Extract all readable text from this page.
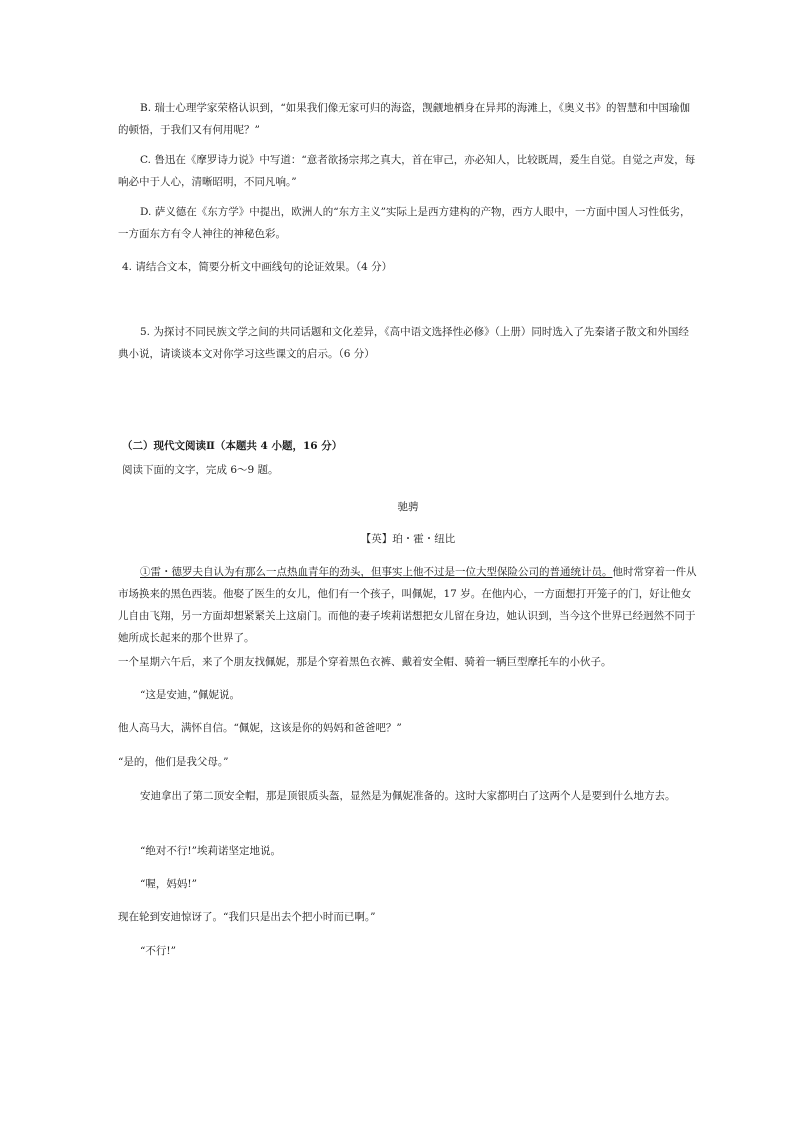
B. 瑞士心理学家荣格认识到，“如果我们像无家可归的海盗，觊觎地栖身在异邦的海滩上，《奥义书》的智慧和中国瑜伽的顿悟，于我们又有何用呢？”

C. 鲁迅在《摩罗诗力说》中写道：“意者欲扬宗邦之真大，首在审己，亦必知人，比较既周，爰生自觉。自觉之声发，每响必中于人心，清晰昭明，不同凡响。”

D. 萨义德在《东方学》中提出，欧洲人的“东方主义”实际上是西方建构的产物，西方人眼中，一方面中国人习性低劣，一方面东方有令人神往的神秘色彩。

4. 请结合文本，简要分析文中画线句的论证效果。（4 分）

5. 为探讨不同民族文学之间的共同话题和文化差异，《高中语文选择性必修》（上册）同时选入了先秦诸子散文和外国经典小说，请谈谈本文对你学习这些课文的启示。（6 分）

（二）现代文阅读Ⅱ（本题共 4 小题，16 分）

阅读下面的文字，完成 6～9 题。

驰骋

【英】珀・霍・纽比

①雷・德罗夫自认为有那么一点热血青年的劲头，但事实上他不过是一位大型保险公司的普通统计员。他时常穿着一件从市场换来的黑色西装。他娶了医生的女儿，他们有一个孩子，叫佩妮，17 岁。在他内心，一方面想打开笼子的门，好让他女儿自由飞翔，另一方面却想紧紧关上这扇门。而他的妻子埃莉诺想把女儿留在身边，她认识到，当今这个世界已经迥然不同于她所成长起来的那个世界了。

一个星期六午后，来了个朋友找佩妮，那是个穿着黑色衣裤、戴着安全帽、骑着一辆巨型摩托车的小伙子。

“这是安迪，”佩妮说。

他人高马大，满怀自信。“佩妮，这该是你的妈妈和爸爸吧？”

“是的，他们是我父母。”

安迪拿出了第二顶安全帽，那是顶银质头盔，显然是为佩妮准备的。这时大家都明白了这两个人是要到什么地方去。

“绝对不行!”埃莉诺坚定地说。

“喔，妈妈!”

现在轮到安迪惊讶了。“我们只是出去个把小时而已啊。”

“不行!”
